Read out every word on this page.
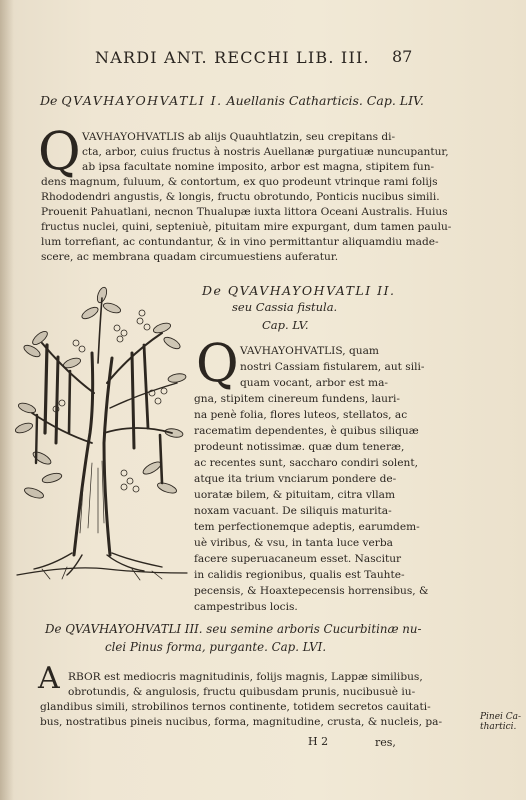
NARDI ANT. RECCHI LIB. III. 87
De QVAVHAYOHVATLI I. Auellanis Catharticis. Cap. LIV.
Q VAVHAYOHVATLIS ab alijs Quauhtlatzin, seu crepitans di-
cta, arbor, cuius fructus à nostris Auellanæ purgatiuæ nuncupantur,
ab ipsa facultate nomine imposito, arbor est magna, stipitem fun-
dens magnum, fuluum, & contortum, ex quo prodeunt vtrinque rami folijs
Rhododendri angustis, & longis, fructu obrotundo, Ponticis nucibus simili.
Prouenit Pahuatlani, necnon Thualupæ iuxta littora Oceani Australis. Huius
fructus nuclei, quini, septeniuè, pituitam mire expurgant, dum tamen paulu-
lum torrefiant, ac contundantur, & in vino permittantur aliquamdiu made-
scere, ac membrana quadam circumuestiens auferatur.
De QVAVHAYOHVATLI II.
seu Cassia fistula.
Cap. LV.
Q VAVHAYOHVATLIS, quam
nostri Cassiam fistularem, aut sili-
quam vocant, arbor est ma-
gna, stipitem cinereum fundens, lauri-
na penè folia, flores luteos, stellatos, ac
racematim dependentes, è quibus siliquæ
prodeunt notissimæ. quæ dum teneræ,
ac recentes sunt, saccharo condiri solent,
atque ita trium vnciarum pondere de-
uoratæ bilem, & pituitam, citra vllam
noxam vacuant. De siliquis maturita-
tem perfectionemque adeptis, earumdem-
uè viribus, & vsu, in tanta luce verba
facere superuacaneum esset. Nascitur
in calidis regionibus, qualis est Tauhte-
pecensis, & Hoaxtepecensis horrensibus, &
campestribus locis.
De QVAVHAYOHVATLI III. seu semine arboris Cucurbitinæ nu-
clei Pinus forma, purgante. Cap. LVI.
A RBOR est mediocris magnitudinis, folijs magnis, Lappæ similibus,
obrotundis, & angulosis, fructu quibusdam prunis, nucibusuè iu-
glandibus simili, strobilinos ternos continente, totidem secretos cauitati-
bus, nostratibus pineis nucibus, forma, magnitudine, crusta, & nucleis, pa-	Pinei Ca-
thartici.
H 2	res,
